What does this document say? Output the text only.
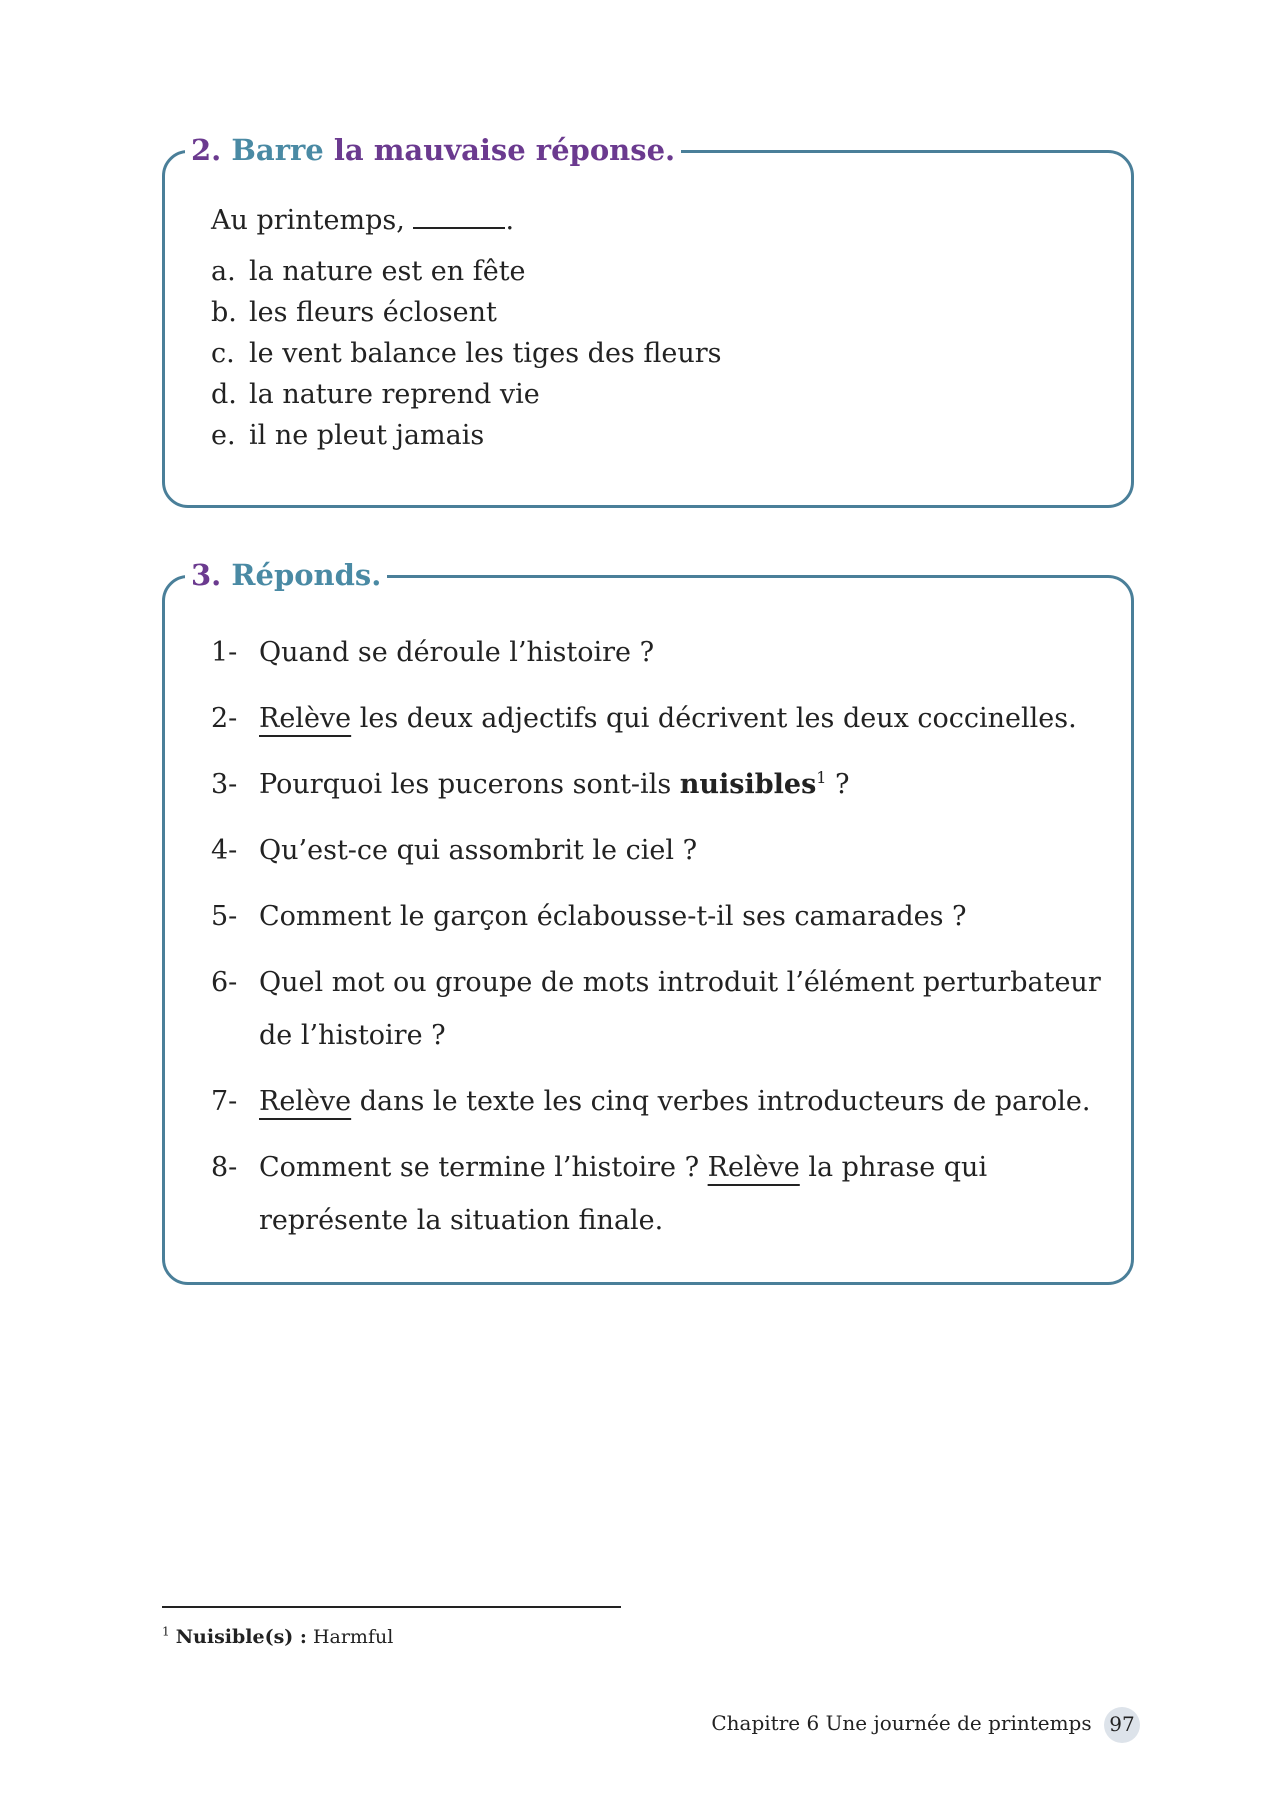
2. Barre la mauvaise réponse.
Au printemps,	.
a. la nature est en fête
b. les fleurs éclosent
c. le vent balance les tiges des fleurs
d. la nature reprend vie
e. il ne pleut jamais
3. Réponds.
1- Quand se déroule l’histoire ?
2- Relève les deux adjectifs qui décrivent les deux coccinelles.
3- Pourquoi les pucerons sont-ils nuisibles$^1$ ?
4- Qu’est-ce qui assombrit le ciel ?
5- Comment le garçon éclabousse-t-il ses camarades ?
6- Quel mot ou groupe de mots introduit l’élément perturbateur de l’histoire ?
7- Relève dans le texte les cinq verbes introducteurs de parole.
8- Comment se termine l’histoire ? Relève la phrase qui représente la situation finale.
$^1$ Nuisible(s) : Harmful
Chapitre 6 Une journée de printemps 97
